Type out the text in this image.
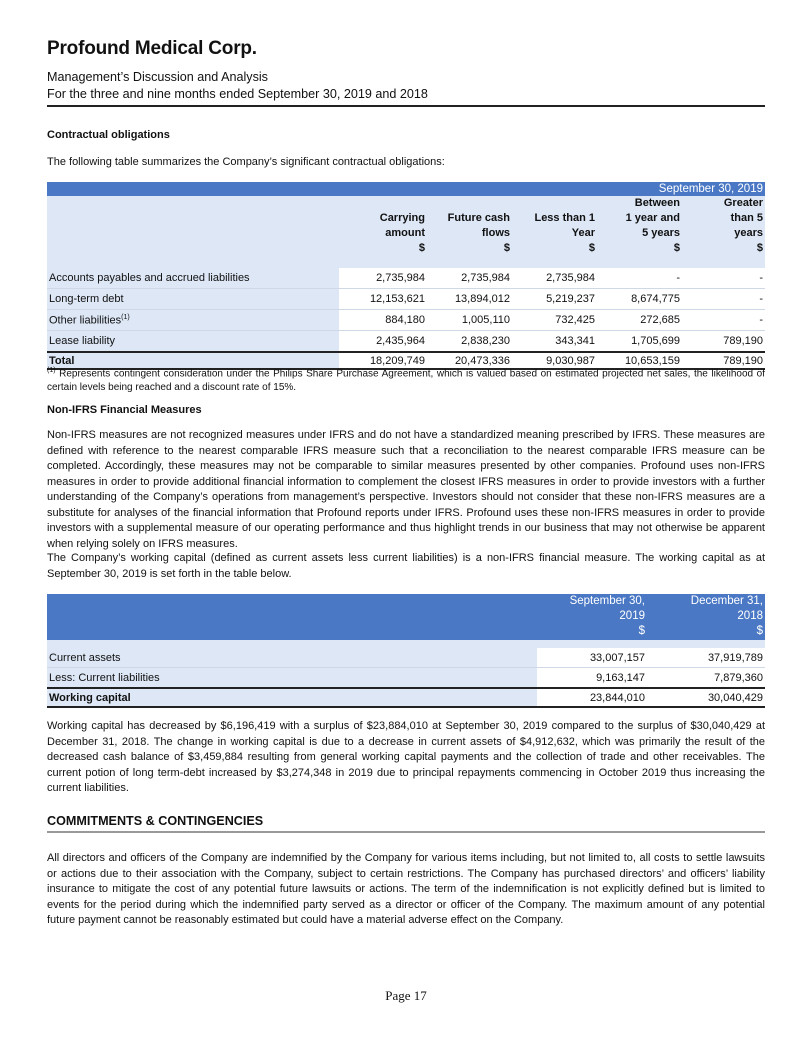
Profound Medical Corp.
Management’s Discussion and Analysis
For the three and nine months ended September 30, 2019 and 2018
Contractual obligations
The following table summarizes the Company’s significant contractual obligations:
September 30, 2019					

Carrying
amount
$	Future cash
flows
$	Less than 1
Year
$	Between
1 year and
5 years
$	Greater
than 5
years
$

Accounts payables and accrued liabilities	2,735,984	2,735,984	2,735,984	-	-
Long-term debt	12,153,621	13,894,012	5,219,237	8,674,775	-
Other liabilities$^{(1)}$	884,180	1,005,110	732,425	272,685	-
Lease liability	2,435,964	2,838,230	343,341	1,705,699	789,190
Total	18,209,749	20,473,336	9,030,987	10,653,159	789,190
$^{(1)}$ Represents contingent consideration under the Philips Share Purchase Agreement, which is valued based on estimated projected net sales, the likelihood of certain levels being reached and a discount rate of 15%.
Non-IFRS Financial Measures
Non-IFRS measures are not recognized measures under IFRS and do not have a standardized meaning prescribed by IFRS. These measures are defined with reference to the nearest comparable IFRS measure such that a reconciliation to the nearest comparable IFRS measure can be completed. Accordingly, these measures may not be comparable to similar measures presented by other companies. Profound uses non-IFRS measures in order to provide additional financial information to complement the closest IFRS measures in order to provide investors with a further understanding of the Company’s operations from management’s perspective. Investors should not consider that these non-IFRS measures are a substitute for analyses of the financial information that Profound reports under IFRS. Profound uses these non-IFRS measures in order to provide investors with a supplemental measure of our operating performance and thus highlight trends in our business that may not otherwise be apparent when relying solely on IFRS measures.
The Company’s working capital (defined as current assets less current liabilities) is a non-IFRS financial measure. The working capital as at September 30, 2019 is set forth in the table below.
	September 30,
2019
$	December 31,
2018
$

Current assets	33,007,157	37,919,789
Less: Current liabilities	9,163,147	7,879,360
Working capital	23,844,010	30,040,429
Working capital has decreased by $6,196,419 with a surplus of $23,884,010 at September 30, 2019 compared to the surplus of $30,040,429 at December 31, 2018. The change in working capital is due to a decrease in current assets of $4,912,632, which was primarily the result of the decreased cash balance of $3,459,884 resulting from general working capital payments and the collection of trade and other receivables. The current potion of long term-debt increased by $3,274,348 in 2019 due to principal repayments commencing in October 2019 thus increasing the current liabilities.
COMMITMENTS & CONTINGENCIES
All directors and officers of the Company are indemnified by the Company for various items including, but not limited to, all costs to settle lawsuits or actions due to their association with the Company, subject to certain restrictions. The Company has purchased directors’ and officers’ liability insurance to mitigate the cost of any potential future lawsuits or actions. The term of the indemnification is not explicitly defined but is limited to events for the period during which the indemnified party served as a director or officer of the Company. The maximum amount of any potential future payment cannot be reasonably estimated but could have a material adverse effect on the Company.
Page 17
